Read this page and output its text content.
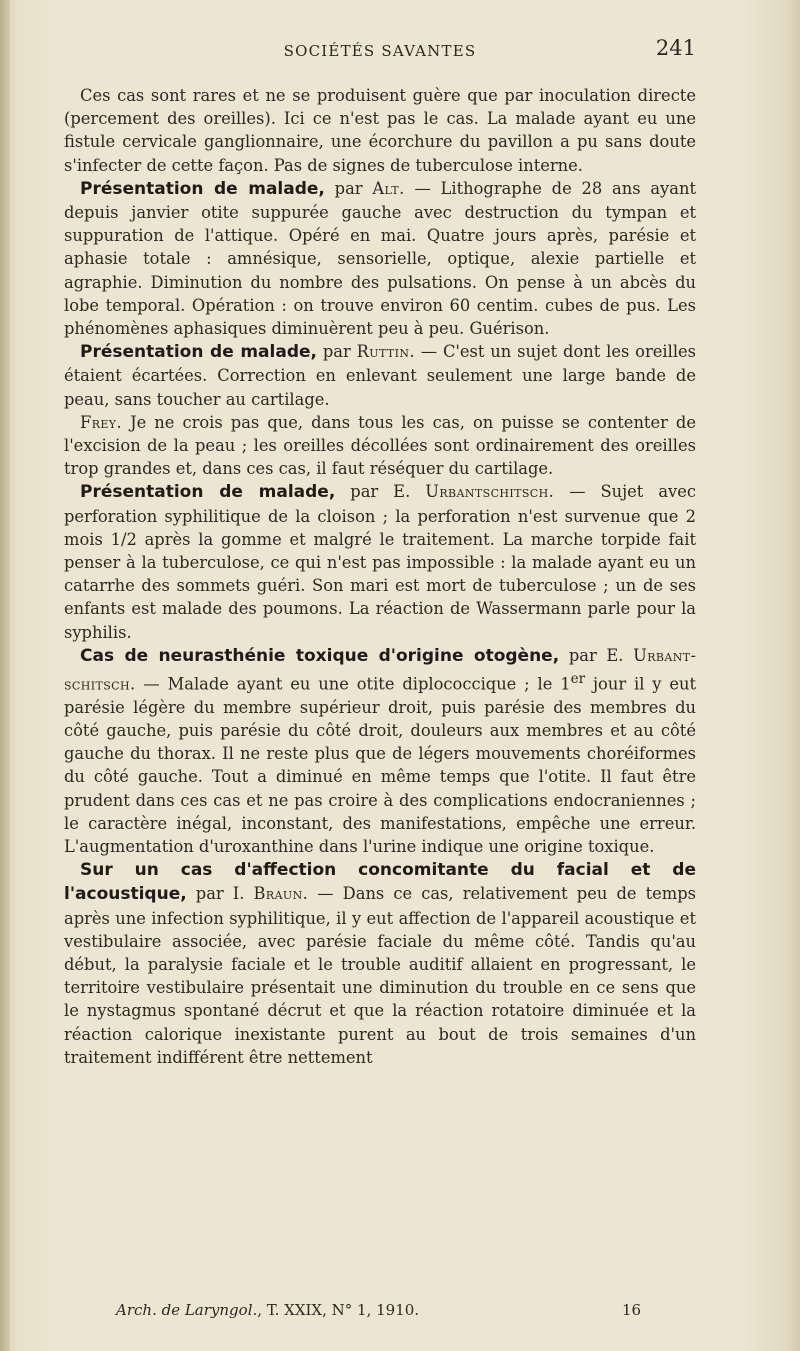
SOCIÉTÉS SAVANTES	241

Ces cas sont rares et ne se produisent guère que par inoculation directe (percement des oreilles). Ici ce n'est pas le cas. La malade ayant eu une fistule cervicale ganglionnaire, une écorchure du pavillon a pu sans doute s'infecter de cette façon. Pas de signes de tuberculose interne.

Présentation de malade, par Alt. — Lithographe de 28 ans ayant depuis janvier otite suppurée gauche avec destruction du tympan et suppuration de l'attique. Opéré en mai. Quatre jours après, parésie et aphasie totale : amnésique, sensorielle, optique, alexie partielle et agraphie. Diminution du nombre des pulsations. On pense à un abcès du lobe temporal. Opération : on trouve environ 60 centim. cubes de pus. Les phénomènes aphasiques diminuèrent peu à peu. Guérison.

Présentation de malade, par Ruttin. — C'est un sujet dont les oreilles étaient écartées. Correction en enlevant seulement une large bande de peau, sans toucher au cartilage.

Frey. Je ne crois pas que, dans tous les cas, on puisse se contenter de l'excision de la peau ; les oreilles décollées sont ordinairement des oreilles trop grandes et, dans ces cas, il faut réséquer du cartilage.

Présentation de malade, par E. Urbantschitsch. — Sujet avec perforation syphilitique de la cloison ; la perforation n'est survenue que 2 mois 1/2 après la gomme et malgré le traitement. La marche torpide fait penser à la tuberculose, ce qui n'est pas impossible : la malade ayant eu un catarrhe des sommets guéri. Son mari est mort de tuberculose ; un de ses enfants est malade des poumons. La réaction de Wassermann parle pour la syphilis.

Cas de neurasthénie toxique d'origine otogène, par E. Urbantschitsch. — Malade ayant eu une otite diplococcique ; le 1er jour il y eut parésie légère du membre supérieur droit, puis parésie des membres du côté gauche, puis parésie du côté droit, douleurs aux membres et au côté gauche du thorax. Il ne reste plus que de légers mouvements choréiformes du côté gauche. Tout a diminué en même temps que l'otite. Il faut être prudent dans ces cas et ne pas croire à des complications endocraniennes ; le caractère inégal, inconstant, des manifestations, empêche une erreur. L'augmentation d'uroxanthine dans l'urine indique une origine toxique.

Sur un cas d'affection concomitante du facial et de l'acoustique, par I. Braun. — Dans ce cas, relativement peu de temps après une infection syphilitique, il y eut affection de l'appareil acoustique et vestibulaire associée, avec parésie faciale du même côté. Tandis qu'au début, la paralysie faciale et le trouble auditif allaient en progressant, le territoire vestibulaire présentait une diminution du trouble en ce sens que le nystagmus spontané décrut et que la réaction rotatoire diminuée et la réaction calorique inexistante purent au bout de trois semaines d'un traitement indifférent être nettement

Arch. de Laryngol., T. XXIX, N° 1, 1910.	16
